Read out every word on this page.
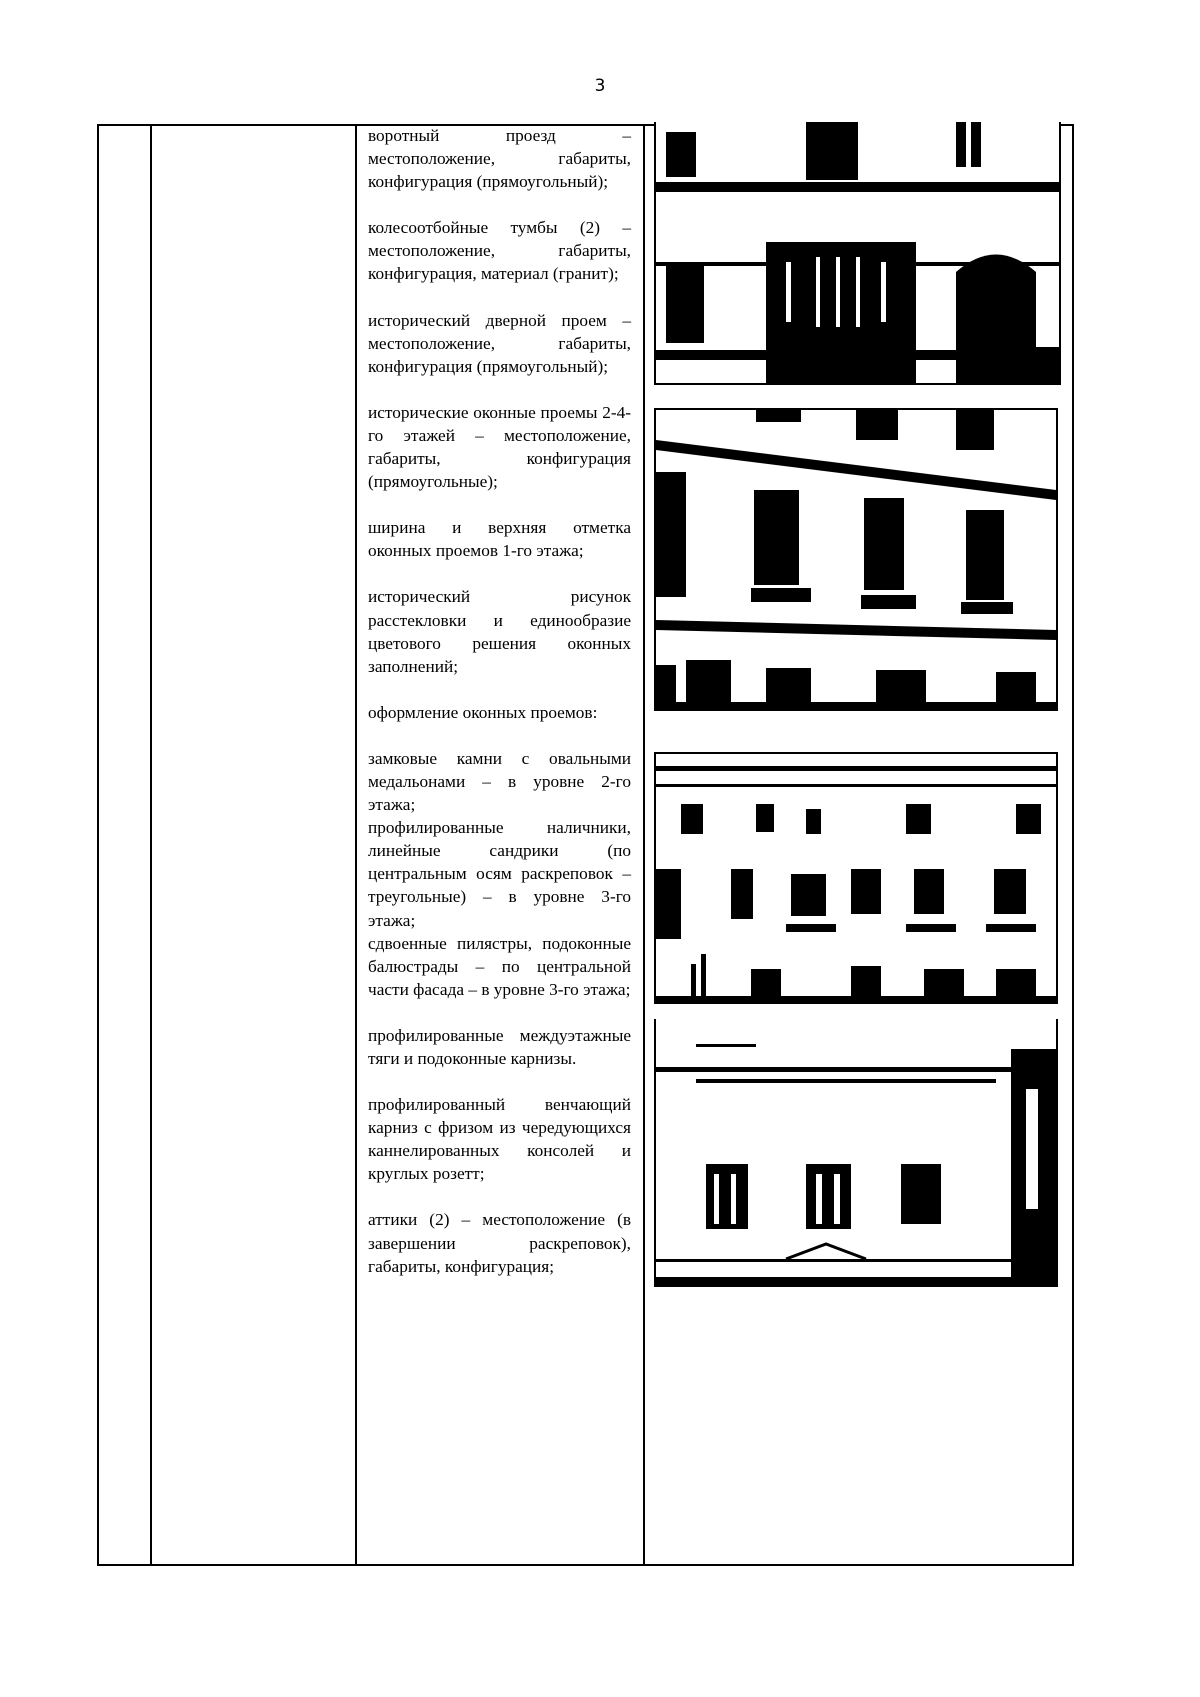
3

воротный проезд – местоположение, габариты, конфигурация (прямоугольный);

колесоотбойные тумбы (2) – местоположение, габариты, конфигурация, материал (гранит);

исторический дверной проем – местоположение, габариты, конфигурация (прямоугольный);

исторические оконные проемы 2-4-го этажей – местоположение, габариты, конфигурация (прямоугольные);

ширина и верхняя отметка оконных проемов 1-го этажа;

исторический рисунок расстекловки и единообразие цветового решения оконных заполнений;

оформление оконных проемов:

замковые камни с овальными медальонами – в уровне 2-го этажа;

профилированные наличники, линейные сандрики (по центральным осям раскреповок – треугольные) – в уровне 3-го этажа;

сдвоенные пилястры, подоконные балюстрады – по центральной части фасада – в уровне 3-го этажа;

профилированные междуэтажные тяги и подоконные карнизы.

профилированный венчающий карниз с фризом из чередующихся каннелированных консолей и круглых розетт;

аттики (2) – местоположение (в завершении раскреповок), габариты, конфигурация;
